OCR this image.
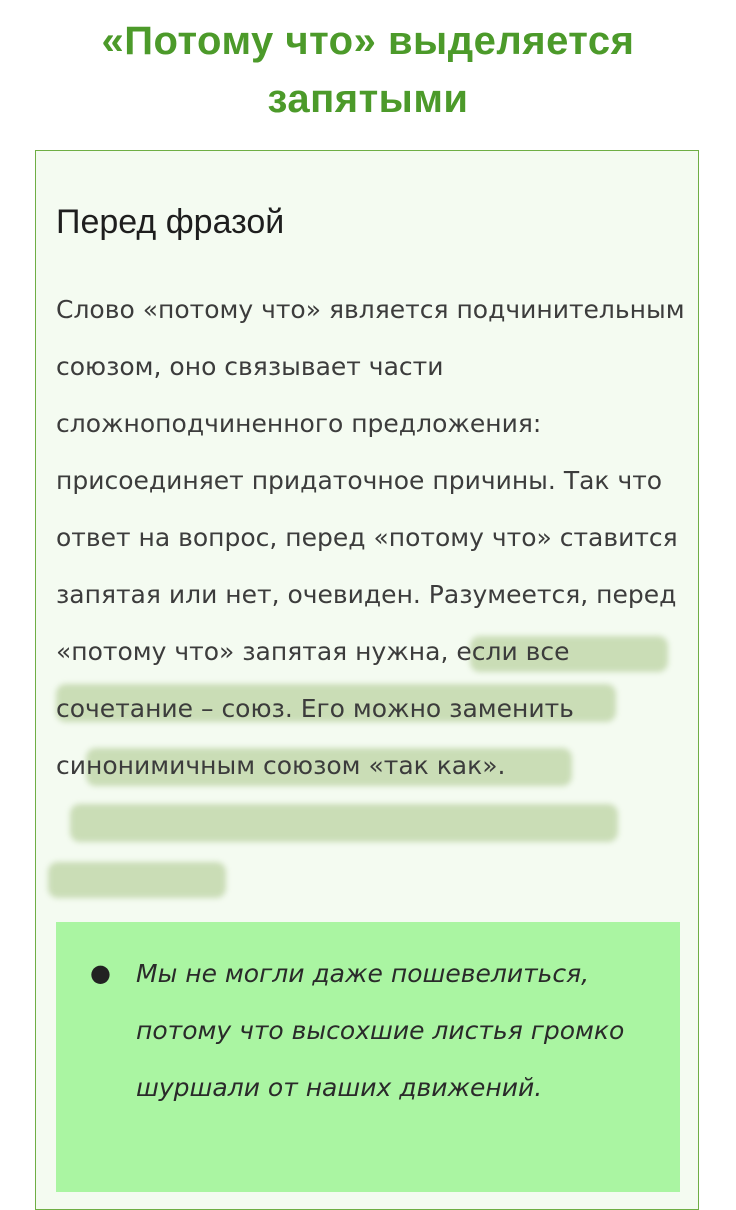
«Потому что» выделяется запятыми
Перед фразой

Слово «потому что» является подчинительным союзом, оно связывает части сложноподчиненного предложения: присоединяет придаточное причины. Так что ответ на вопрос, перед «потому что» ставится запятая или нет, очевиден. Разумеется, перед «потому что» запятая нужна, если все сочетание – союз. Его можно заменить синонимичным союзом «так как».

● Мы не могли даже пошевелиться, потому что высохшие листья громко шуршали от наших движений.
